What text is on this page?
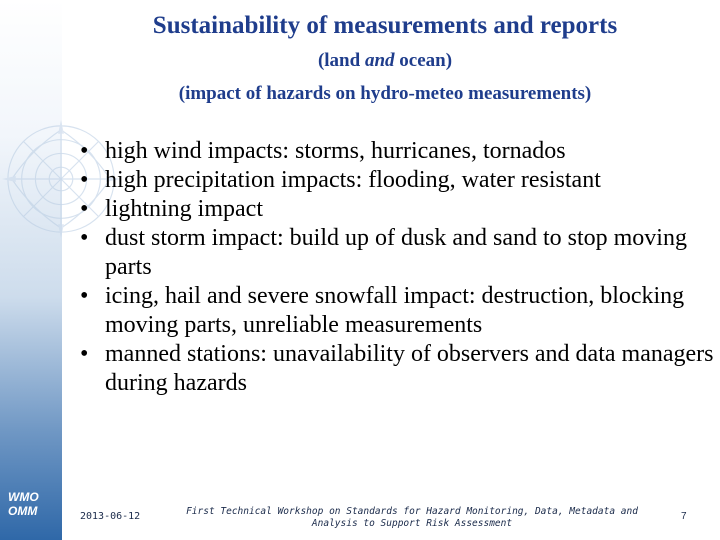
WMO
OMM
Sustainability of measurements and reports
(land and ocean)
(impact of hazards on hydro-meteo measurements)
• high wind impacts: storms, hurricanes, tornados
• high precipitation impacts: flooding, water resistant
• lightning impact
• dust storm impact: build up of dusk and sand to stop moving parts
• icing, hail and severe snowfall impact: destruction, blocking moving parts, unreliable measurements
• manned stations: unavailability of observers and data managers during hazards
2013-06-12	First Technical Workshop on Standards for Hazard Monitoring, Data, Metadata and
Analysis to Support Risk Assessment
7
